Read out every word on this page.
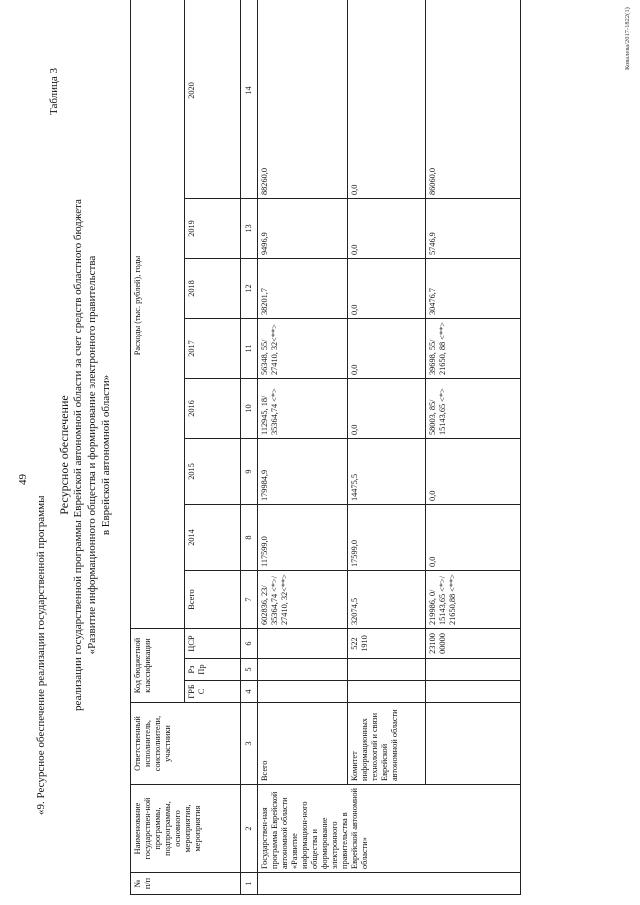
49
«9. Ресурсное обеспечение реализации государственной программы
Таблица 3
Ресурсное обеспечение реализации государственной программы Еврейской автономной области за счет средств областного бюджета «Развитие информационного общества и формирование электронного правительства в Еврейской автономной области»
№ п/п	Наименование государствен-ной программы, подпрограммы, основного мероприятия, мероприятия	Ответственный исполнитель, соисполнители, участники	Код бюджетной классификации			Расходы (тыс. рублей), годы							
			ГРБ С	Рз Пр	ЦСР	Всего	2014	2015	2016	2017	2018	2019	2020
1	2	3	4	5	6	7	8	9	10	11	12	13	14
	Государствен-ная программа Еврейской автономной области «Развитие информацион-ного общества и формирование электронного правительства в Еврейской автономной области»	Всего				602836, 23/ 35364,74 <*>/ 27410, 32<**>	117599,0	179984,9	112945, 18/ 35364,74 <*>	56348, 55/ 27410, 32<**>	38201,7	9496,9	88260,0
		Комитет информационных технологий и связи Еврейской автономной области			522 1910	32074,5	17599,0	14475,5	0,0	0,0	0,0	0,0	0,0
					23100 00000	219986, 0/ 15143,65 <*>/ 21650,88 <**>	0,0	0,0	58003, 85/ 15143,65 <*>	39698, 55/ 21650, 88 <**>	30476,7	5746,9	86060,0
Ковалева/2017-1822(1)
